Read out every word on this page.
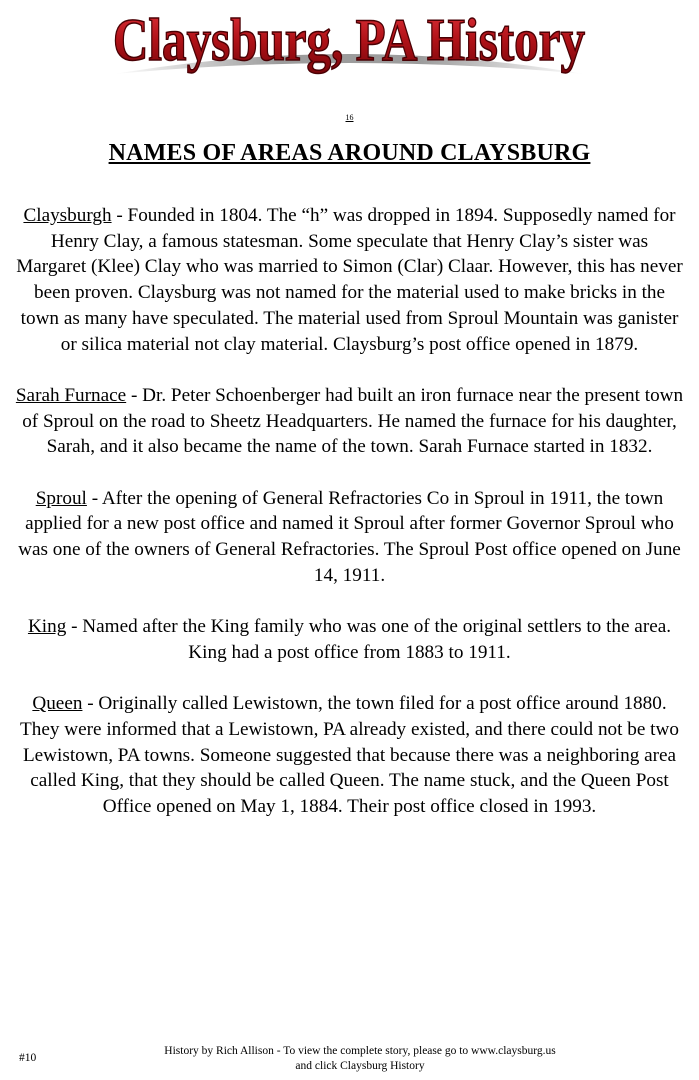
Claysburg, PA History
16
NAMES OF AREAS AROUND CLAYSBURG

Claysburgh - Founded in 1804. The “h” was dropped in 1894. Supposedly named for Henry Clay, a famous statesman. Some speculate that Henry Clay’s sister was Margaret (Klee) Clay who was married to Simon (Clar) Claar. However, this has never been proven. Claysburg was not named for the material used to make bricks in the town as many have speculated. The material used from Sproul Mountain was ganister or silica material not clay material. Claysburg’s post office opened in 1879.

Sarah Furnace - Dr. Peter Schoenberger had built an iron furnace near the present town of Sproul on the road to Sheetz Headquarters. He named the furnace for his daughter, Sarah, and it also became the name of the town. Sarah Furnace started in 1832.

Sproul - After the opening of General Refractories Co in Sproul in 1911, the town applied for a new post office and named it Sproul after former Governor Sproul who was one of the owners of General Refractories. The Sproul Post office opened on June 14, 1911.

King - Named after the King family who was one of the original settlers to the area. King had a post office from 1883 to 1911.

Queen - Originally called Lewistown, the town filed for a post office around 1880. They were informed that a Lewistown, PA already existed, and there could not be two Lewistown, PA towns. Someone suggested that because there was a neighboring area called King, that they should be called Queen. The name stuck, and the Queen Post Office opened on May 1, 1884. Their post office closed in 1993.

#10
History by Rich Allison - To view the complete story, please go to www.claysburg.us
and click Claysburg History
